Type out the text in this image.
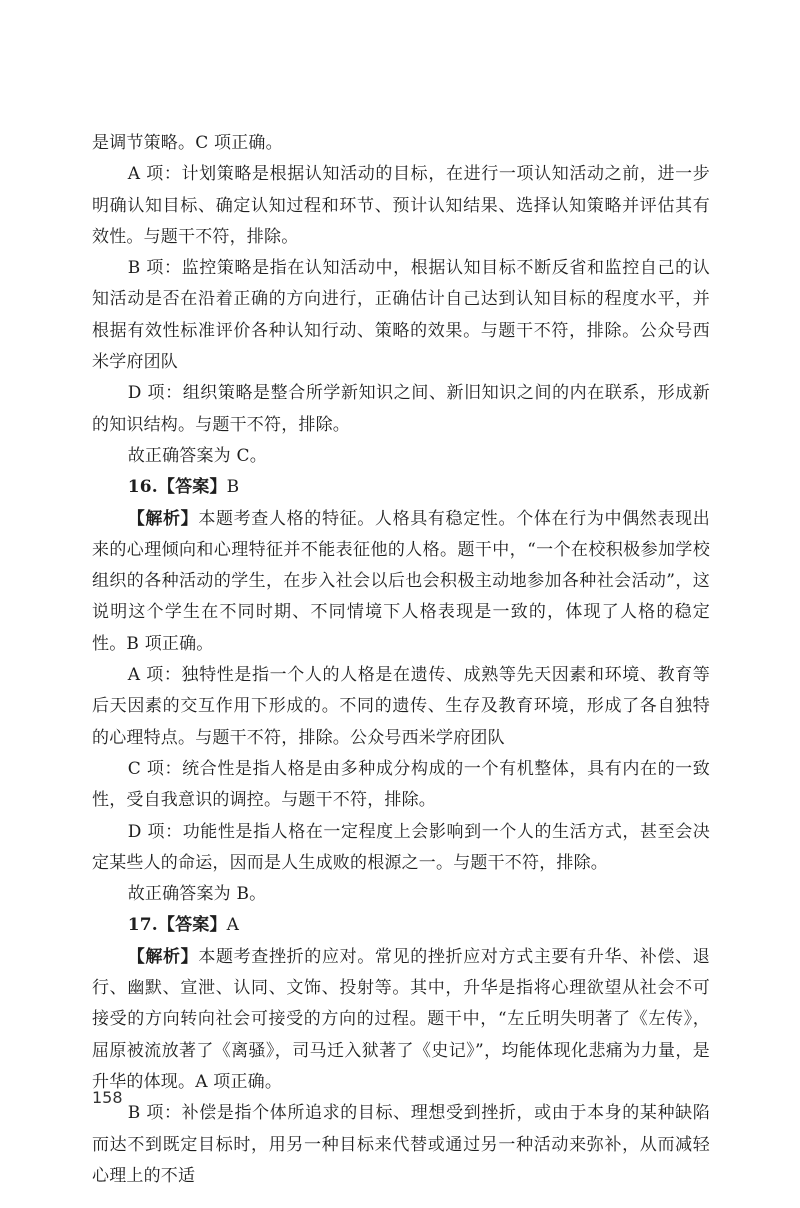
是调节策略。C 项正确。

A 项：计划策略是根据认知活动的目标，在进行一项认知活动之前，进一步明确认知目标、确定认知过程和环节、预计认知结果、选择认知策略并评估其有效性。与题干不符，排除。

B 项：监控策略是指在认知活动中，根据认知目标不断反省和监控自己的认知活动是否在沿着正确的方向进行，正确估计自己达到认知目标的程度水平，并根据有效性标准评价各种认知行动、策略的效果。与题干不符，排除。公众号西米学府团队

D 项：组织策略是整合所学新知识之间、新旧知识之间的内在联系，形成新的知识结构。与题干不符，排除。

故正确答案为 C。

16.【答案】B

【解析】本题考查人格的特征。人格具有稳定性。个体在行为中偶然表现出来的心理倾向和心理特征并不能表征他的人格。题干中，“一个在校积极参加学校组织的各种活动的学生，在步入社会以后也会积极主动地参加各种社会活动”，这说明这个学生在不同时期、不同情境下人格表现是一致的，体现了人格的稳定性。B 项正确。

A 项：独特性是指一个人的人格是在遗传、成熟等先天因素和环境、教育等后天因素的交互作用下形成的。不同的遗传、生存及教育环境，形成了各自独特的心理特点。与题干不符，排除。公众号西米学府团队

C 项：统合性是指人格是由多种成分构成的一个有机整体，具有内在的一致性，受自我意识的调控。与题干不符，排除。

D 项：功能性是指人格在一定程度上会影响到一个人的生活方式，甚至会决定某些人的命运，因而是人生成败的根源之一。与题干不符，排除。

故正确答案为 B。

17.【答案】A

【解析】本题考查挫折的应对。常见的挫折应对方式主要有升华、补偿、退行、幽默、宣泄、认同、文饰、投射等。其中，升华是指将心理欲望从社会不可接受的方向转向社会可接受的方向的过程。题干中，“左丘明失明著了《左传》，屈原被流放著了《离骚》，司马迁入狱著了《史记》”，均能体现化悲痛为力量，是升华的体现。A 项正确。

B 项：补偿是指个体所追求的目标、理想受到挫折，或由于本身的某种缺陷而达不到既定目标时，用另一种目标来代替或通过另一种活动来弥补，从而减轻心理上的不适

158
